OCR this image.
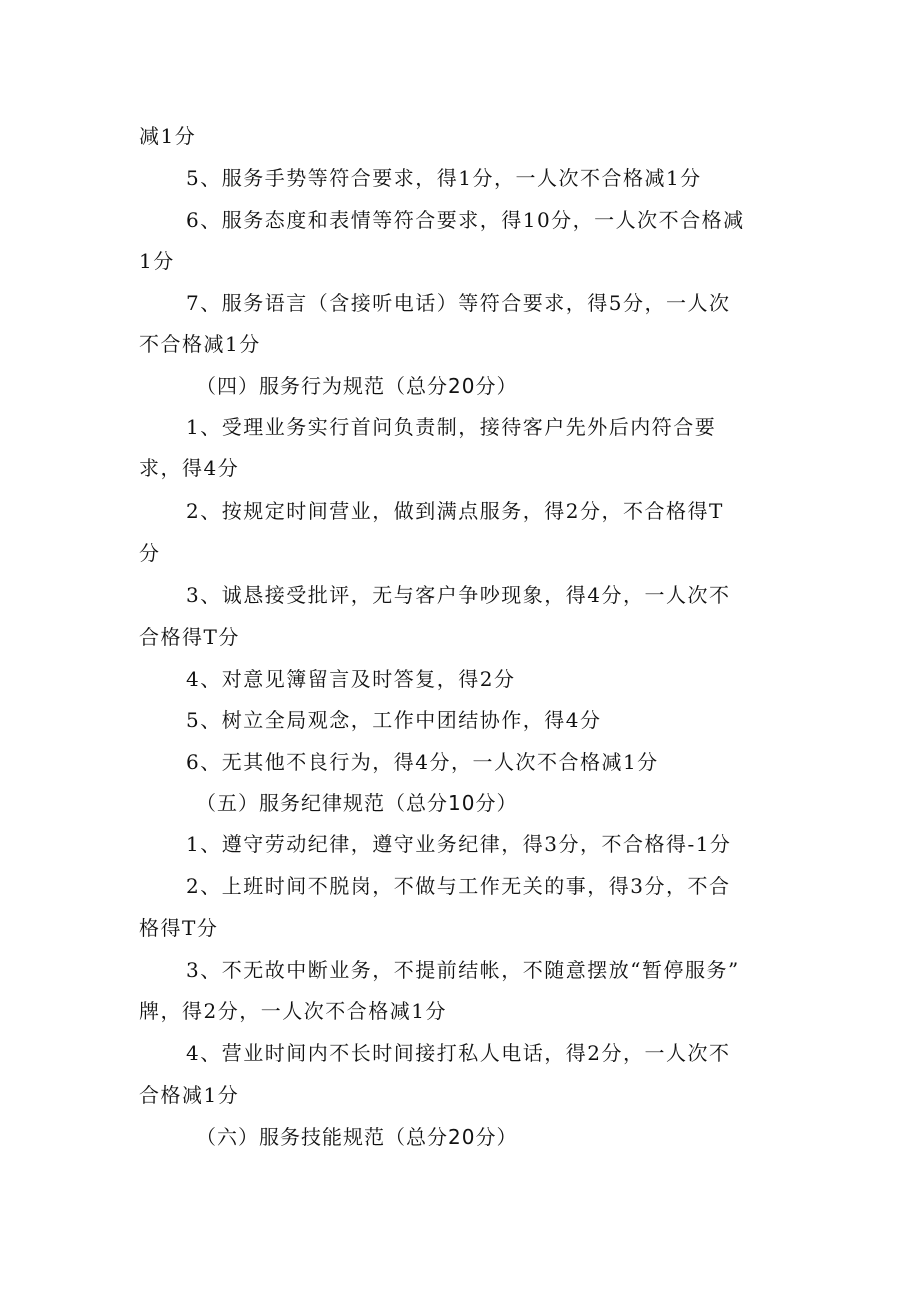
减1分
5、服务手势等符合要求，得1分，一人次不合格减1分
6、服务态度和表情等符合要求，得10分，一人次不合格减
1分
7、服务语言（含接听电话）等符合要求，得5分，一人次
不合格减1分
（四）服务行为规范（总分20分）
1、受理业务实行首问负责制，接待客户先外后内符合要
求，得4分
2、按规定时间营业，做到满点服务，得2分，不合格得T
分
3、诚恳接受批评，无与客户争吵现象，得4分，一人次不
合格得T分
4、对意见簿留言及时答复，得2分
5、树立全局观念，工作中团结协作，得4分
6、无其他不良行为，得4分，一人次不合格减1分
（五）服务纪律规范（总分10分）
1、遵守劳动纪律，遵守业务纪律，得3分，不合格得-1分
2、上班时间不脱岗，不做与工作无关的事，得3分，不合
格得T分
3、不无故中断业务，不提前结帐，不随意摆放“暂停服务”
牌，得2分，一人次不合格减1分
4、营业时间内不长时间接打私人电话，得2分，一人次不
合格减1分
（六）服务技能规范（总分20分）
